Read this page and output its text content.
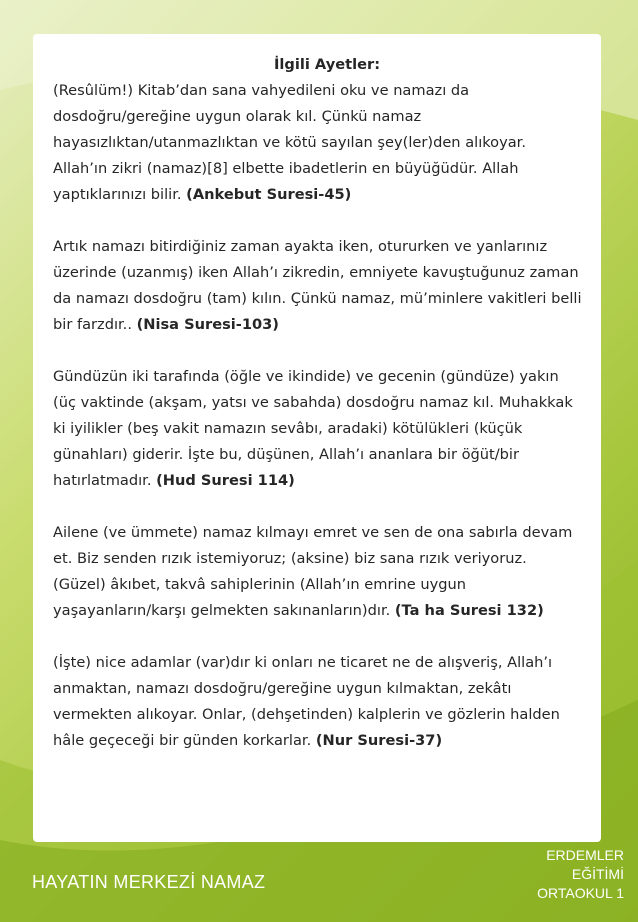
İlgili Ayetler:

(Resûlüm!) Kitab’dan sana vahyedileni oku ve namazı da dosdoğru/gereğine uygun olarak kıl. Çünkü namaz hayasızlıktan/utanmazlıktan ve kötü sayılan şey(ler)den alıkoyar. Allah’ın zikri (namaz)[8] elbette ibadetlerin en büyüğüdür. Allah yaptıklarınızı bilir. (Ankebut Suresi-45)

Artık namazı bitirdiğiniz zaman ayakta iken, otururken ve yanlarınız üzerinde (uzanmış) iken Allah’ı zikredin, emniyete kavuştuğunuz zaman da namazı dosdoğru (tam) kılın. Çünkü namaz, mü’minlere vakitleri belli bir farzdır.. (Nisa Suresi-103)

Gündüzün iki tarafında (öğle ve ikindide) ve gecenin (gündüze) yakın (üç vaktinde (akşam, yatsı ve sabahda) dosdoğru namaz kıl. Muhakkak ki iyilikler (beş vakit namazın sevâbı, aradaki) kötülükleri (küçük günahları) giderir. İşte bu, düşünen, Allah’ı ananlara bir öğüt/bir hatırlatmadır. (Hud Suresi 114)

Ailene (ve ümmete) namaz kılmayı emret ve sen de ona sabırla devam et. Biz senden rızık istemiyoruz; (aksine) biz sana rızık veriyoruz. (Güzel) âkıbet, takvâ sahiplerinin (Allah’ın emrine uygun yaşayanların/karşı gelmekten sakınanların)dır. (Ta ha Suresi 132)

(İşte) nice adamlar (var)dır ki onları ne ticaret ne de alışveriş, Allah’ı anmaktan, namazı dosdoğru/gereğine uygun kılmaktan, zekâtı vermekten alıkoyar. Onlar, (dehşetinden) kalplerin ve gözlerin halden hâle geçeceği bir günden korkarlar. (Nur Suresi-37)

HAYATIN MERKEZİ NAMAZ
ERDEMLER
EĞİTİMİ
ORTAOKUL 1
